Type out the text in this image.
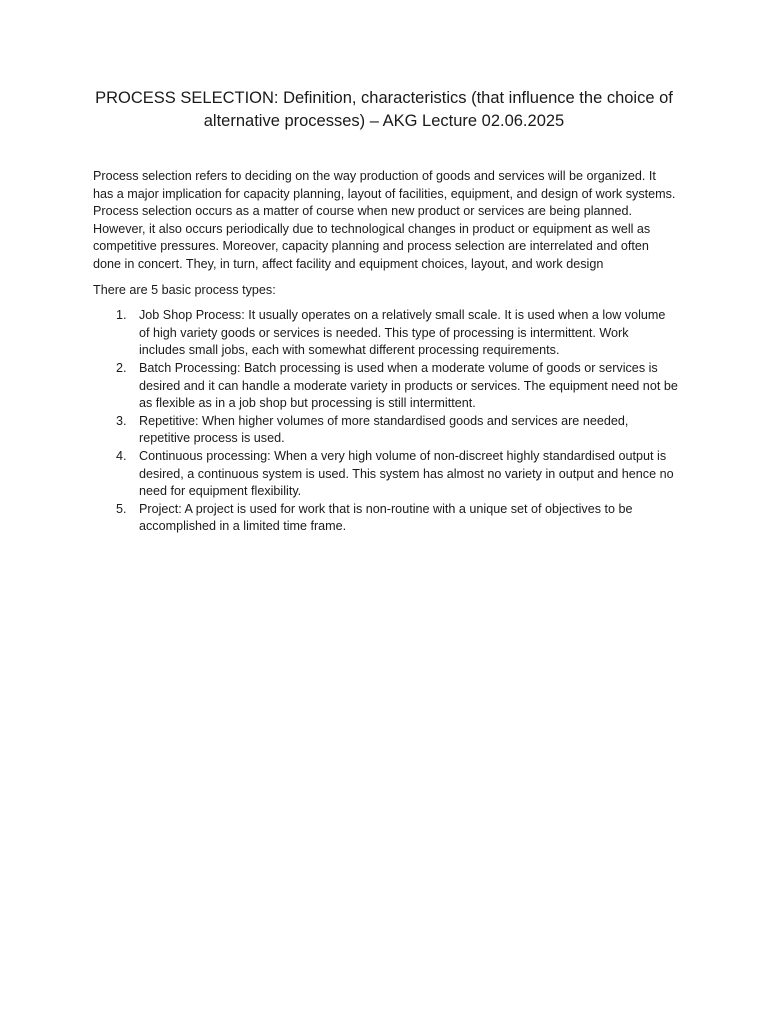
PROCESS SELECTION: Definition, characteristics (that influence the choice of alternative processes) – AKG Lecture 02.06.2025

Process selection refers to deciding on the way production of goods and services will be organized. It has a major implication for capacity planning, layout of facilities, equipment, and design of work systems. Process selection occurs as a matter of course when new product or services are being planned. However, it also occurs periodically due to technological changes in product or equipment as well as competitive pressures. Moreover, capacity planning and process selection are interrelated and often done in concert. They, in turn, affect facility and equipment choices, layout, and work design

There are 5 basic process types:

1. Job Shop Process: It usually operates on a relatively small scale. It is used when a low volume of high variety goods or services is needed. This type of processing is intermittent. Work includes small jobs, each with somewhat different processing requirements.
2. Batch Processing: Batch processing is used when a moderate volume of goods or services is desired and it can handle a moderate variety in products or services. The equipment need not be as flexible as in a job shop but processing is still intermittent.
3. Repetitive: When higher volumes of more standardised goods and services are needed, repetitive process is used.
4. Continuous processing: When a very high volume of non-discreet highly standardised output is desired, a continuous system is used. This system has almost no variety in output and hence no need for equipment flexibility.
5. Project: A project is used for work that is non-routine with a unique set of objectives to be accomplished in a limited time frame.
